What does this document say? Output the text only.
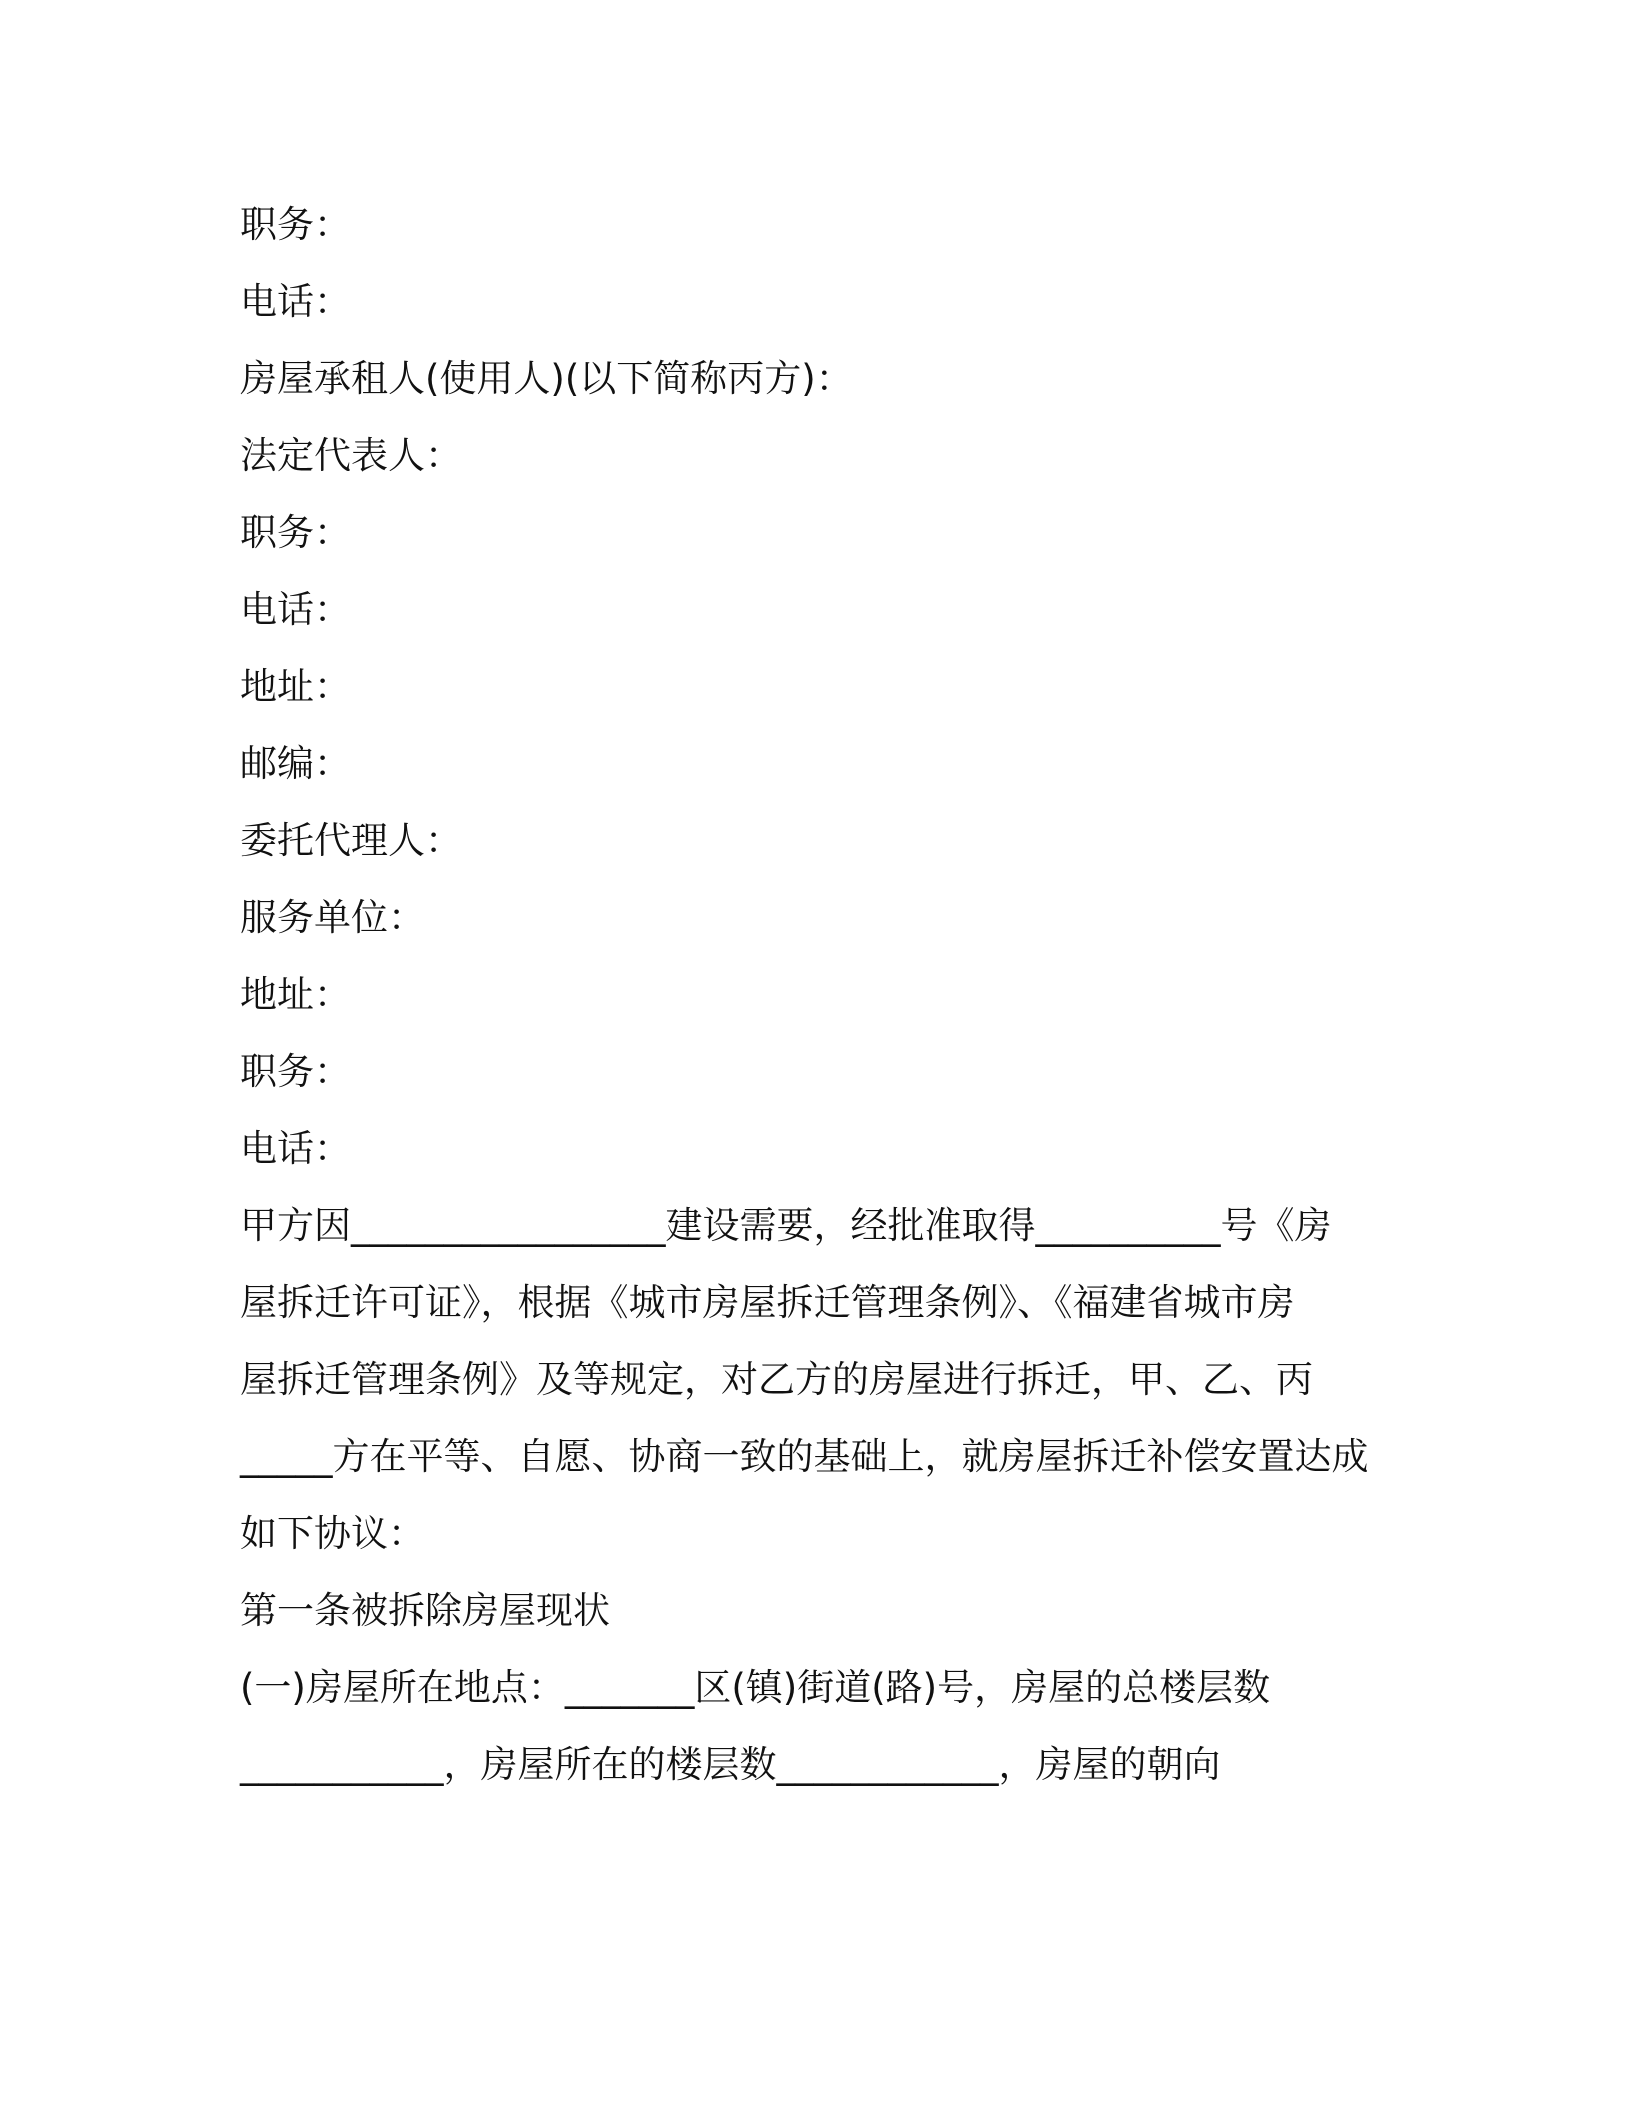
职务：
电话：
房屋承租人(使用人)(以下简称丙方)：
法定代表人：
职务：
电话：
地址：
邮编：
委托代理人：
服务单位：
地址：
职务：
电话：
甲方因_________________建设需要，经批准取得__________号《房
屋拆迁许可证》，根据《城市房屋拆迁管理条例》、《福建省城市房
屋拆迁管理条例》及等规定，对乙方的房屋进行拆迁，甲、乙、丙
_____方在平等、自愿、协商一致的基础上，就房屋拆迁补偿安置达成
如下协议：
第一条被拆除房屋现状
(一)房屋所在地点：_______区(镇)街道(路)号，房屋的总楼层数
___________，房屋所在的楼层数____________，房屋的朝向
